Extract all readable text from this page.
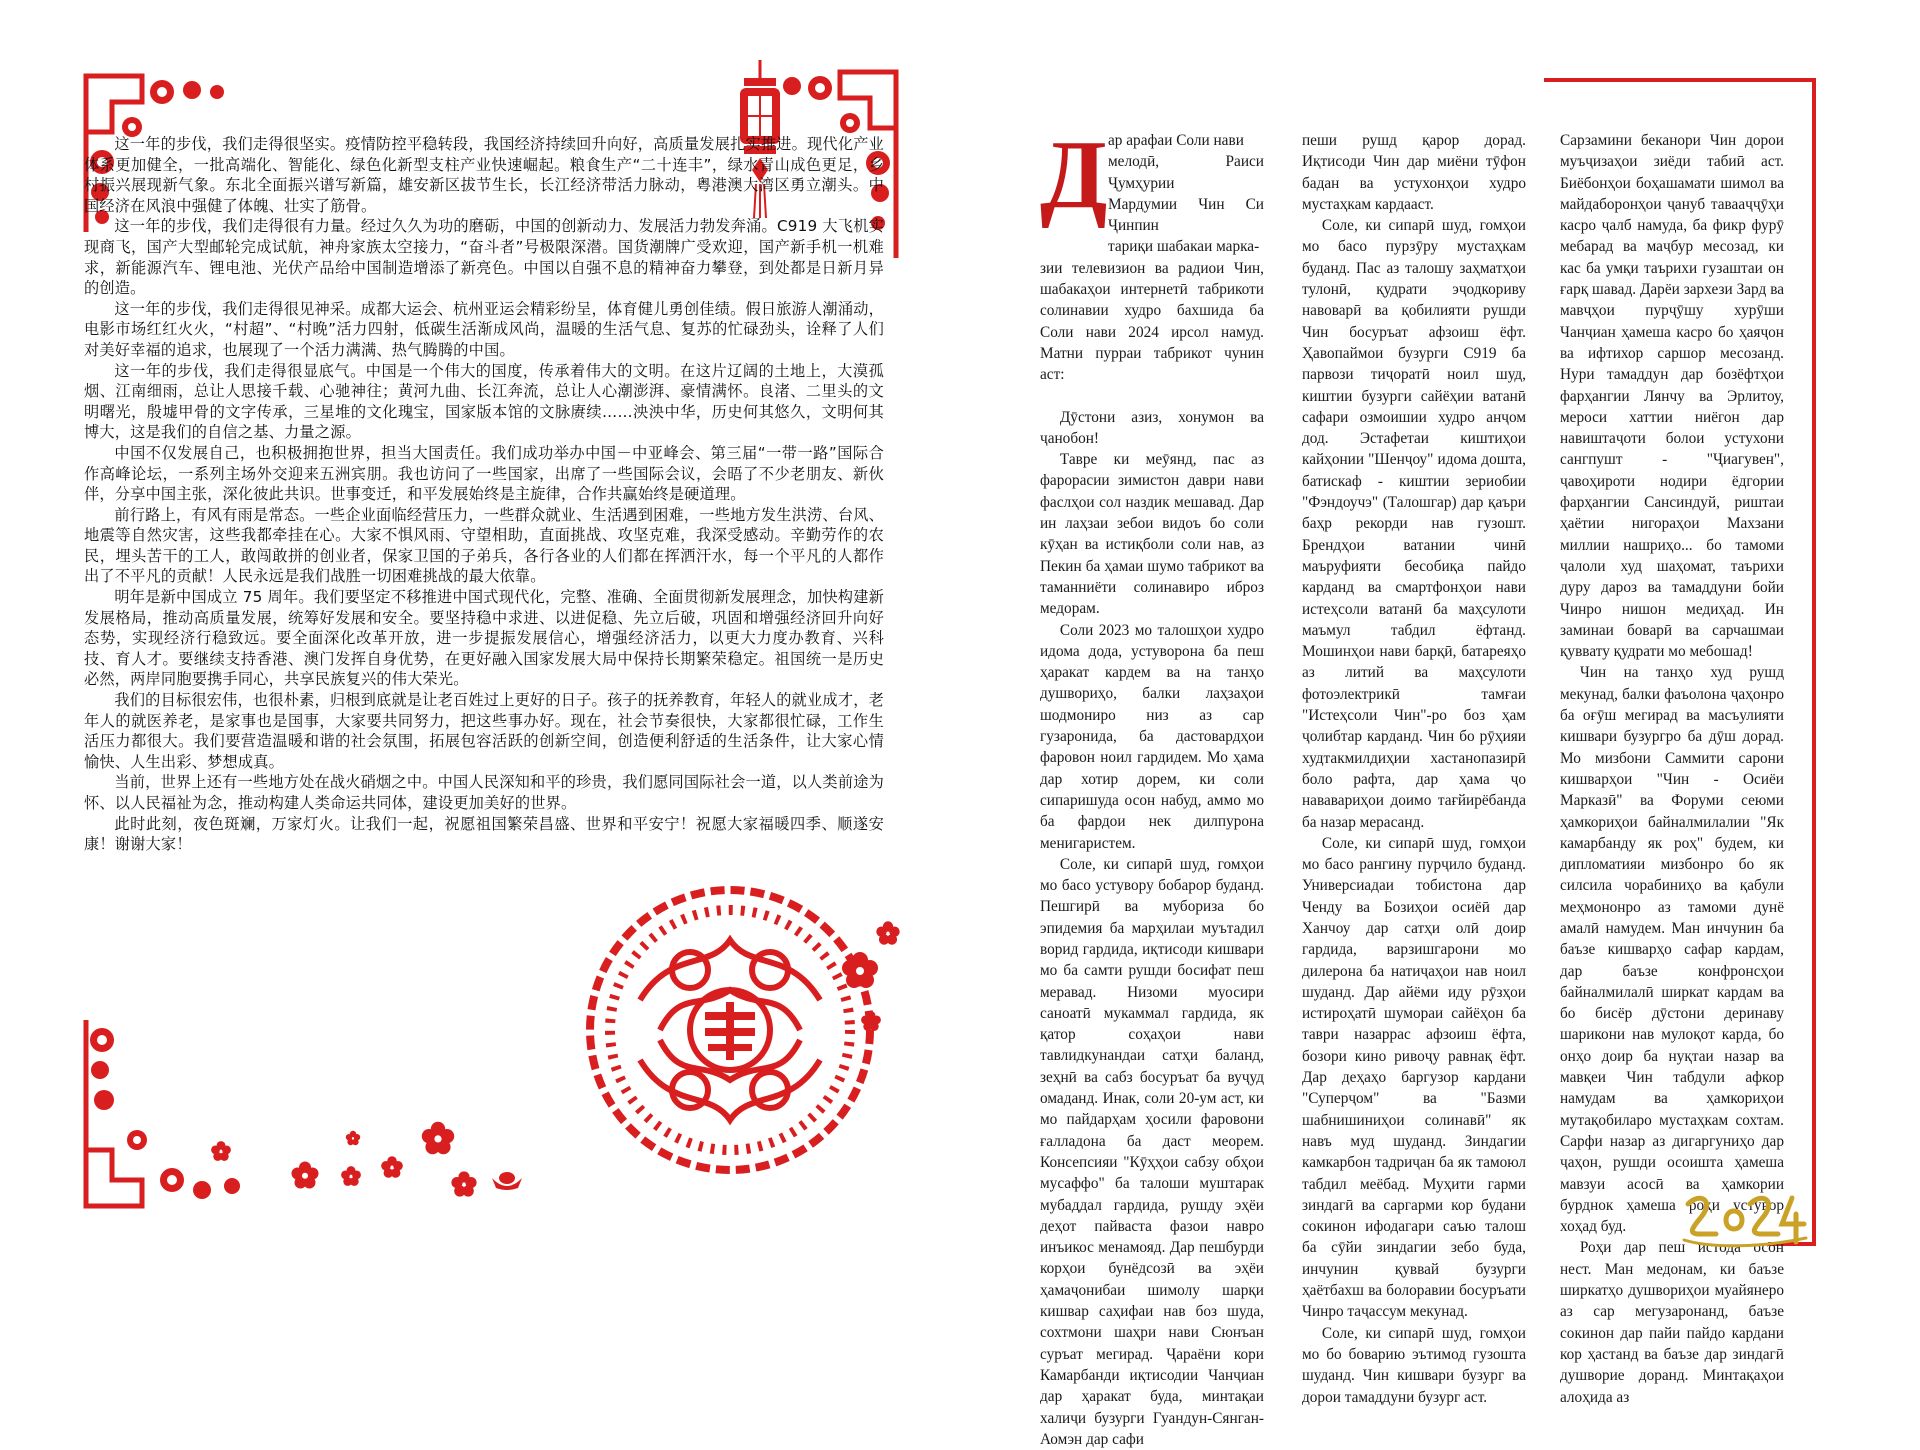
这一年的步伐，我们走得很坚实。疫情防控平稳转段，我国经济持续回升向好，高质量发展扎实推进。现代化产业体系更加健全，一批高端化、智能化、绿色化新型支柱产业快速崛起。粮食生产“二十连丰”，绿水青山成色更足，乡村振兴展现新气象。东北全面振兴谱写新篇，雄安新区拔节生长，长江经济带活力脉动，粤港澳大湾区勇立潮头。中国经济在风浪中强健了体魄、壮实了筋骨。

这一年的步伐，我们走得很有力量。经过久久为功的磨砺，中国的创新动力、发展活力勃发奔涌。C919 大飞机实现商飞，国产大型邮轮完成试航，神舟家族太空接力，“奋斗者”号极限深潜。国货潮牌广受欢迎，国产新手机一机难求，新能源汽车、锂电池、光伏产品给中国制造增添了新亮色。中国以自强不息的精神奋力攀登，到处都是日新月异的创造。

这一年的步伐，我们走得很见神采。成都大运会、杭州亚运会精彩纷呈，体育健儿勇创佳绩。假日旅游人潮涌动，电影市场红红火火，“村超”、“村晚”活力四射，低碳生活渐成风尚，温暖的生活气息、复苏的忙碌劲头，诠释了人们对美好幸福的追求，也展现了一个活力满满、热气腾腾的中国。

这一年的步伐，我们走得很显底气。中国是一个伟大的国度，传承着伟大的文明。在这片辽阔的土地上，大漠孤烟、江南细雨，总让人思接千载、心驰神往；黄河九曲、长江奔流，总让人心潮澎湃、豪情满怀。良渚、二里头的文明曙光，殷墟甲骨的文字传承，三星堆的文化瑰宝，国家版本馆的文脉赓续……泱泱中华，历史何其悠久，文明何其博大，这是我们的自信之基、力量之源。

中国不仅发展自己，也积极拥抱世界，担当大国责任。我们成功举办中国－中亚峰会、第三届“一带一路”国际合作高峰论坛，一系列主场外交迎来五洲宾朋。我也访问了一些国家，出席了一些国际会议，会晤了不少老朋友、新伙伴，分享中国主张，深化彼此共识。世事变迁，和平发展始终是主旋律，合作共赢始终是硬道理。

前行路上，有风有雨是常态。一些企业面临经营压力，一些群众就业、生活遇到困难，一些地方发生洪涝、台风、地震等自然灾害，这些我都牵挂在心。大家不惧风雨、守望相助，直面挑战、攻坚克难，我深受感动。辛勤劳作的农民，埋头苦干的工人，敢闯敢拼的创业者，保家卫国的子弟兵，各行各业的人们都在挥洒汗水，每一个平凡的人都作出了不平凡的贡献！人民永远是我们战胜一切困难挑战的最大依靠。

明年是新中国成立 75 周年。我们要坚定不移推进中国式现代化，完整、准确、全面贯彻新发展理念，加快构建新发展格局，推动高质量发展，统筹好发展和安全。要坚持稳中求进、以进促稳、先立后破，巩固和增强经济回升向好态势，实现经济行稳致远。要全面深化改革开放，进一步提振发展信心，增强经济活力，以更大力度办教育、兴科技、育人才。要继续支持香港、澳门发挥自身优势，在更好融入国家发展大局中保持长期繁荣稳定。祖国统一是历史必然，两岸同胞要携手同心，共享民族复兴的伟大荣光。

我们的目标很宏伟，也很朴素，归根到底就是让老百姓过上更好的日子。孩子的抚养教育，年轻人的就业成才，老年人的就医养老，是家事也是国事，大家要共同努力，把这些事办好。现在，社会节奏很快，大家都很忙碌，工作生活压力都很大。我们要营造温暖和谐的社会氛围，拓展包容活跃的创新空间，创造便利舒适的生活条件，让大家心情愉快、人生出彩、梦想成真。

当前，世界上还有一些地方处在战火硝烟之中。中国人民深知和平的珍贵，我们愿同国际社会一道，以人类前途为怀、以人民福祉为念，推动构建人类命运共同体，建设更加美好的世界。

此时此刻，夜色斑斓，万家灯火。让我们一起，祝愿祖国繁荣昌盛、世界和平安宁！祝愿大家福暖四季、顺遂安康！谢谢大家！

Д ар арафаи Соли нави

мелодӣ, Раиси Ҷумҳурии

Мардумии Чин Си Ҷинпин

тариқи шабакаи марка-

зии телевизион ва радиои Чин, шабакаҳои интернетӣ табрикоти солинавии худро бахшида ба Соли нави 2024 ирсол намуд. Матни пурраи табрикот чунин аст:

Дӯстони азиз, хонумон ва ҷанобон!

Тавре ки меӯянд, пас аз фарорасии зимистон даври нави фаслҳои сол наздик мешавад. Дар ин лаҳзаи зебои видоъ бо соли кӯҳан ва истиқболи соли нав, аз Пекин ба ҳамаи шумо табрикот ва таманниёти солинавиро иброз медорам.

Соли 2023 мо талошҳои худро идома дода, устуворона ба пеш ҳаракат кардем ва на танҳо душвориҳо, балки лаҳзаҳои шодмониро низ аз сар гузаронида, ба дастовардҳои фаровон ноил гардидем. Мо ҳама дар хотир дорем, ки соли сипаришуда осон набуд, аммо мо ба фардои нек дилпурона менигаристем.

Соле, ки сипарӣ шуд, гомҳои мо басо устувору бобарор буданд. Пешгирӣ ва мубориза бо эпидемия ба марҳилаи муътадил ворид гардида, иқтисоди кишвари мо ба самти рушди босифат пеш меравад. Низоми муосири саноатӣ мукаммал гардида, як қатор соҳаҳои нави тавлидкунандаи сатҳи баланд, зеҳнӣ ва сабз босуръат ба вуҷуд омаданд. Инак, соли 20-ум аст, ки мо пайдарҳам ҳосили фаровони ғалладона ба даст меорем. Консепсияи "Кӯҳҳои сабзу обҳои мусаффо" ба талоши муштарак мубаддал гардида, рушду эҳёи деҳот пайваста фазои навро инъикос менамояд. Дар пешбурди корҳои бунёдсозӣ ва эҳёи ҳамаҷонибаи шимолу шарқи кишвар саҳифаи нав боз шуда, сохтмони шаҳри нави Сюнъан суръат мегирад. Ҷараёни кори Камарбанди иқтисодии Чанҷиан дар ҳаракат буда, минтақаи халиҷи бузурги Гуандун-Сянган-Аомэн дар сафи

пеши рушд қарор дорад. Иқтисоди Чин дар миёни тӯфон бадан ва устухонҳои худро мустаҳкам кардааст.

Соле, ки сипарӣ шуд, гомҳои мо басо пурзӯру мустаҳкам буданд. Пас аз талошу заҳматҳои тулонӣ, қудрати эҷодкориву навоварӣ ва қобилияти рушди Чин босуръат афзоиш ёфт. Ҳавопаймои бузурги C919 ба парвози тиҷоратӣ ноил шуд, киштии бузурги сайёҳии ватанӣ сафари озмоишии худро анҷом дод. Эстафетаи киштиҳои кайҳонии "Шенҷоу" идома дошта, батискаф - киштии зериобии "Фэндоучэ" (Талошгар) дар қаъри баҳр рекорди нав гузошт. Брендҳои ватании чинӣ маъруфияти бесобиқа пайдо карданд ва смартфонҳои нави истеҳсоли ватанӣ ба маҳсулоти маъмул табдил ёфтанд. Мошинҳои нави барқӣ, батареяҳо аз литий ва маҳсулоти фотоэлектрикӣ тамғаи "Истеҳсоли Чин"-ро боз ҳам ҷолибтар карданд. Чин бо рӯҳияи худтакмилдиҳии хастанопазирӣ боло рафта, дар ҳама ҷо нававариҳои доимо тағйирёбанда ба назар мерасанд.

Соле, ки сипарӣ шуд, гомҳои мо басо рангину пурҷило буданд. Универсиадаи тобистона дар Ченду ва Бозиҳои осиёӣ дар Ханчоу дар сатҳи олӣ доир гардида, варзишгарони мо дилерона ба натиҷаҳои нав ноил шуданд. Дар айёми иду рӯзҳои истироҳатӣ шумораи сайёҳон ба таври назаррас афзоиш ёфта, бозори кино ривоҷу равнақ ёфт. Дар деҳаҳо баргузор кардани "Суперҷом" ва "Базми шабнишиниҳои солинавӣ" як навъ муд шуданд. Зиндагии камкарбон тадриҷан ба як тамоюл табдил меёбад. Муҳити гарми зиндагӣ ва саргарми кор будани сокинон ифодагари саъю талош ба сӯйи зиндагии зебо буда, инчунин қуввай бузурги ҳаётбахш ва болоравии босуръати Чинро таҷассум мекунад.

Соле, ки сипарӣ шуд, гомҳои мо бо боварию эътимод гузошта шуданд. Чин кишвари бузург ва дорои тамаддуни бузург аст.

Сарзамини беканори Чин дорои муъҷизаҳои зиёди табиӣ аст. Биёбонҳои боҳашамати шимол ва майдаборонҳои ҷануб тавааҷҷӯҳи касро ҷалб намуда, ба фикр фурӯ мебарад ва маҷбур месозад, ки кас ба умқи таърихи гузаштаи он ғарқ шавад. Дарёи зархези Зард ва мавҷҳои пурҷӯшу хурӯши Чанҷиан ҳамеша касро бо ҳаяҷон ва ифтихор саршор месозанд. Нури тамаддун дар бозёфтҳои фарҳангии Лянчу ва Эрлитоу, мероси хаттии ниёгон дар навиштаҷоти болои устухони сангпушт - "Ҷиагувен", ҷавоҳироти нодири ёдгории фарҳангии Сансиндуй, риштаи ҳаётии нигораҳои Махзани миллии нашриҳо... бо тамоми ҷалоли худ шаҳомат, таърихи дуру дароз ва тамаддуни бойи Чинро нишон медиҳад. Ин заминаи боварӣ ва сарчашмаи қуввату қудрати мо мебошад!

Чин на танҳо худ рушд мекунад, балки фаъолона ҷаҳонро ба оғӯш мегирад ва масъулияти кишвари бузургро ба дӯш дорад. Мо мизбони Саммити сарони кишварҳои "Чин - Осиёи Марказӣ" ва Форуми сеюми ҳамкориҳои байналмилалии "Як камарбанду як роҳ" будем, ки дипломатияи мизбонро бо як силсила чорабиниҳо ва қабули меҳмононро аз тамоми дунё амалӣ намудем. Ман инчунин ба баъзе кишварҳо сафар кардам, дар баъзе конфронсҳои байналмилалӣ ширкат кардам ва бо бисёр дӯстони деринаву шарикони нав мулоқот карда, бо онҳо доир ба нуқтаи назар ва мавқеи Чин табдули афкор намудам ва ҳамкориҳои мутақобиларо мустаҳкам сохтам. Сарфи назар аз дигаргуниҳо дар ҷаҳон, рушди осоишта ҳамеша мавзуи асосӣ ва ҳамкории бурднок ҳамеша роҳи устувор хоҳад буд.

Роҳи дар пеш истода осон нест. Ман медонам, ки баъзе ширкатҳо душвориҳои муайянеро аз сар мегузаронанд, баъзе сокинон дар пайи пайдо кардани кор ҳастанд ва баъзе дар зиндагӣ душворие доранд. Минтақаҳои алоҳида аз
